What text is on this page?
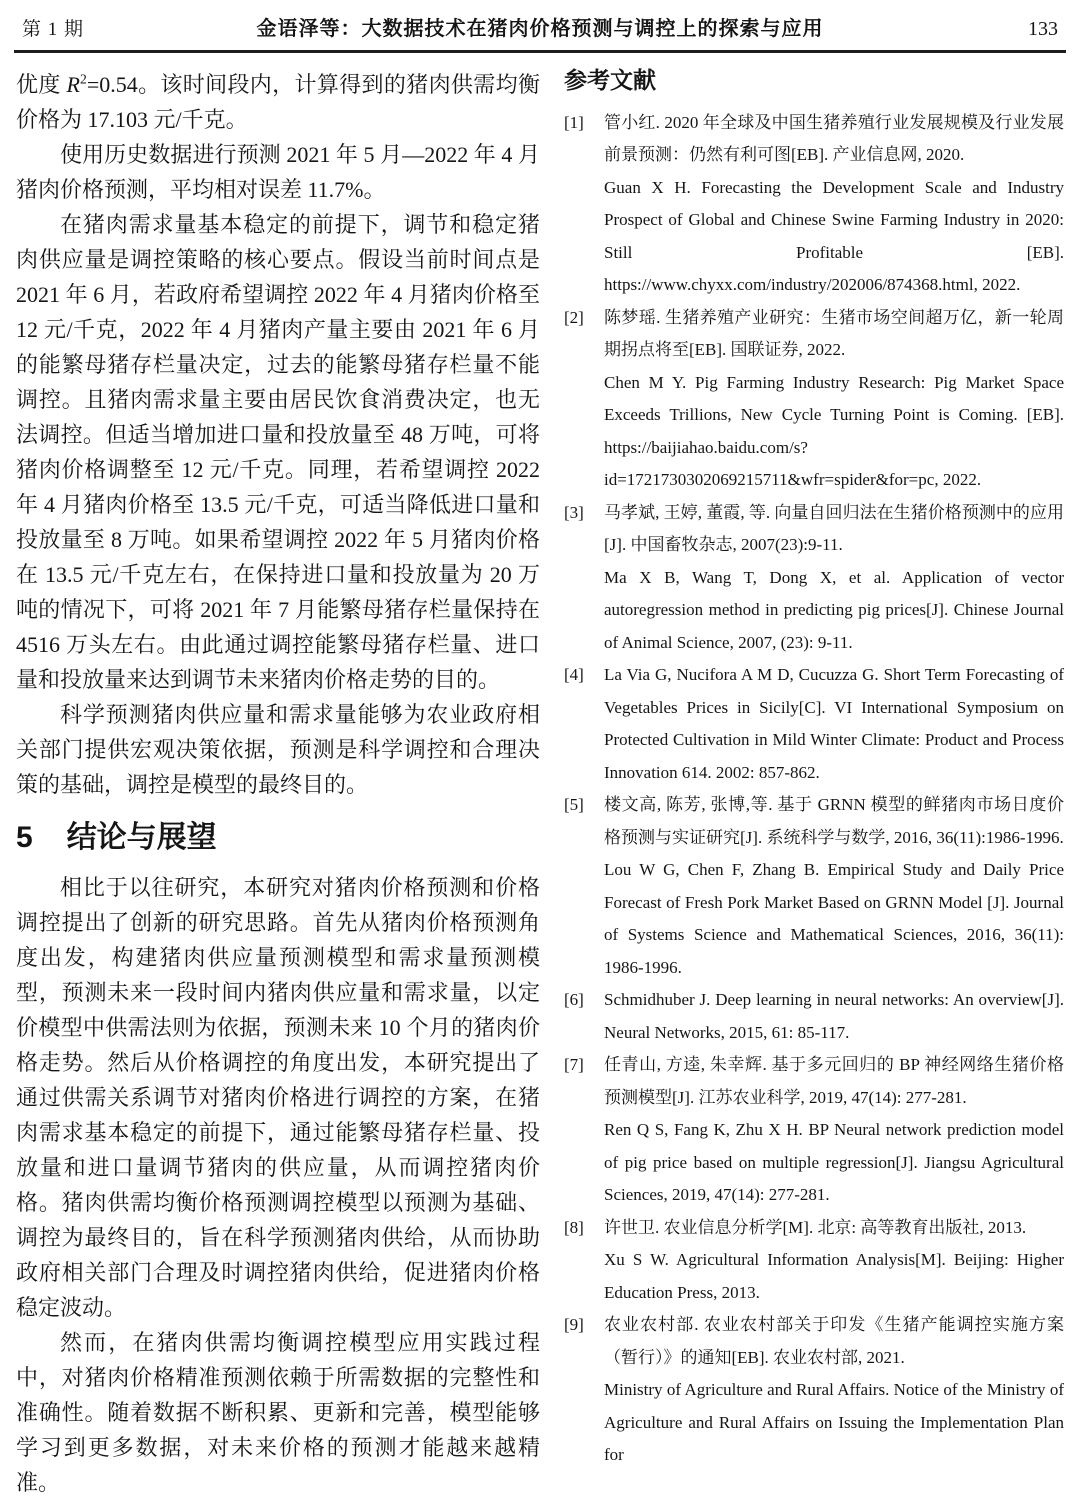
第 1 期	金语泽等：大数据技术在猪肉价格预测与调控上的探索与应用	133

优度 $R^2=0.54$。该时间段内，计算得到的猪肉供需均衡价格为 17.103 元/千克。

使用历史数据进行预测 2021 年 5 月—2022 年 4 月猪肉价格预测，平均相对误差 11.7%。

在猪肉需求量基本稳定的前提下，调节和稳定猪肉供应量是调控策略的核心要点。假设当前时间点是 2021 年 6 月，若政府希望调控 2022 年 4 月猪肉价格至 12 元/千克，2022 年 4 月猪肉产量主要由 2021 年 6 月的能繁母猪存栏量决定，过去的能繁母猪存栏量不能调控。且猪肉需求量主要由居民饮食消费决定，也无法调控。但适当增加进口量和投放量至 48 万吨，可将猪肉价格调整至 12 元/千克。同理，若希望调控 2022 年 4 月猪肉价格至 13.5 元/千克，可适当降低进口量和投放量至 8 万吨。如果希望调控 2022 年 5 月猪肉价格在 13.5 元/千克左右，在保持进口量和投放量为 20 万吨的情况下，可将 2021 年 7 月能繁母猪存栏量保持在 4516 万头左右。由此通过调控能繁母猪存栏量、进口量和投放量来达到调节未来猪肉价格走势的目的。

科学预测猪肉供应量和需求量能够为农业政府相关部门提供宏观决策依据，预测是科学调控和合理决策的基础，调控是模型的最终目的。

5 结论与展望

相比于以往研究，本研究对猪肉价格预测和价格调控提出了创新的研究思路。首先从猪肉价格预测角度出发，构建猪肉供应量预测模型和需求量预测模型，预测未来一段时间内猪肉供应量和需求量，以定价模型中供需法则为依据，预测未来 10 个月的猪肉价格走势。然后从价格调控的角度出发，本研究提出了通过供需关系调节对猪肉价格进行调控的方案，在猪肉需求基本稳定的前提下，通过能繁母猪存栏量、投放量和进口量调节猪肉的供应量，从而调控猪肉价格。猪肉供需均衡价格预测调控模型以预测为基础、调控为最终目的，旨在科学预测猪肉供给，从而协助政府相关部门合理及时调控猪肉供给，促进猪肉价格稳定波动。

然而，在猪肉供需均衡调控模型应用实践过程中，对猪肉价格精准预测依赖于所需数据的完整性和准确性。随着数据不断积累、更新和完善，模型能够学习到更多数据，对未来价格的预测才能越来越精准。

参考文献
[1] 管小红. 2020 年全球及中国生猪养殖行业发展规模及行业发展前景预测：仍然有利可图[EB]. 产业信息网, 2020.

Guan X H. Forecasting the Development Scale and Industry Prospect of Global and Chinese Swine Farming Industry in 2020: Still Profitable [EB]. https://www.chyxx.com/industry/202006/874368.html, 2022.

[2] 陈梦瑶. 生猪养殖产业研究：生猪市场空间超万亿，新一轮周期拐点将至[EB]. 国联证券, 2022.

Chen M Y. Pig Farming Industry Research: Pig Market Space Exceeds Trillions, New Cycle Turning Point is Coming. [EB]. https://baijiahao.baidu.com/s?id=1721730302069215711&wfr=spider&for=pc, 2022.

[3] 马孝斌, 王婷, 董霞, 等. 向量自回归法在生猪价格预测中的应用[J]. 中国畜牧杂志, 2007(23):9-11.

Ma X B, Wang T, Dong X, et al. Application of vector autoregression method in predicting pig prices[J]. Chinese Journal of Animal Science, 2007, (23): 9-11.

[4] La Via G, Nucifora A M D, Cucuzza G. Short Term Forecasting of Vegetables Prices in Sicily[C]. VI International Symposium on Protected Cultivation in Mild Winter Climate: Product and Process Innovation 614. 2002: 857-862.

[5] 楼文高, 陈芳, 张博,等. 基于 GRNN 模型的鲜猪肉市场日度价格预测与实证研究[J]. 系统科学与数学, 2016, 36(11):1986-1996.

Lou W G, Chen F, Zhang B. Empirical Study and Daily Price Forecast of Fresh Pork Market Based on GRNN Model [J]. Journal of Systems Science and Mathematical Sciences, 2016, 36(11): 1986-1996.

[6] Schmidhuber J. Deep learning in neural networks: An overview[J]. Neural Networks, 2015, 61: 85-117.

[7] 任青山, 方逵, 朱幸辉. 基于多元回归的 BP 神经网络生猪价格预测模型[J]. 江苏农业科学, 2019, 47(14): 277-281.

Ren Q S, Fang K, Zhu X H. BP Neural network prediction model of pig price based on multiple regression[J]. Jiangsu Agricultural Sciences, 2019, 47(14): 277-281.

[8] 许世卫. 农业信息分析学[M]. 北京: 高等教育出版社, 2013.

Xu S W. Agricultural Information Analysis[M]. Beijing: Higher Education Press, 2013.

[9] 农业农村部. 农业农村部关于印发《生猪产能调控实施方案（暂行）》的通知[EB]. 农业农村部, 2021.

Ministry of Agriculture and Rural Affairs. Notice of the Ministry of Agriculture and Rural Affairs on Issuing the Implementation Plan for
